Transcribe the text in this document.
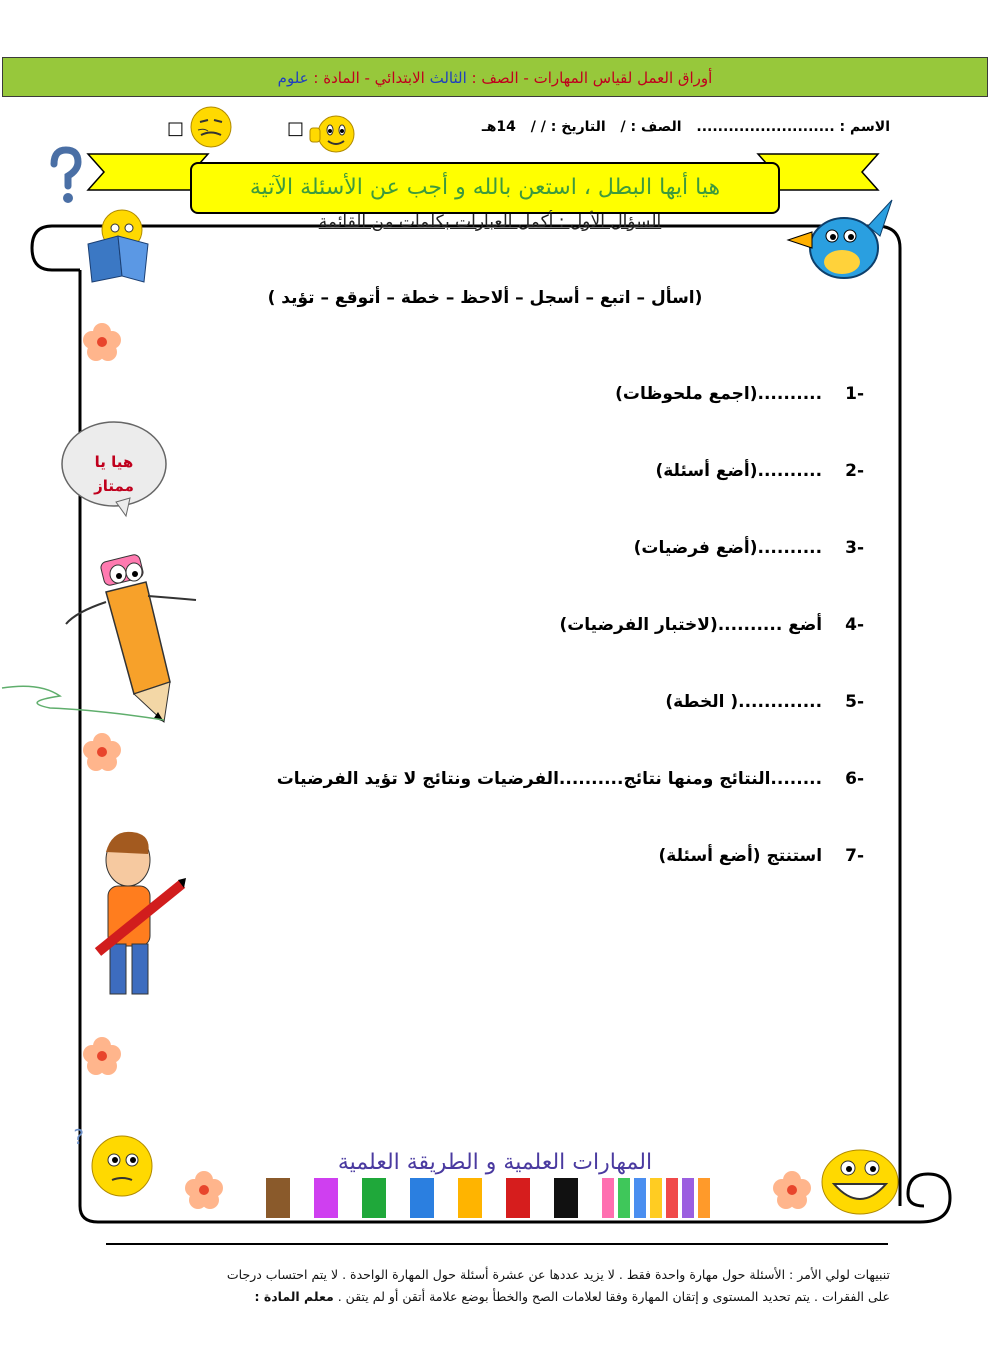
أوراق العمل لقياس المهارات - الصف : الثالث الابتدائي - المادة : علوم
الاسم : .......................... الصف : / التاريخ : / / 14هـ
□
□
هيا أيها البطل ، استعن بالله و أجب عن الأسئلة الآتية
السؤال الأول : أكمل العبارات بكلمات من القائمة
(اسأل – اتبع – أسجل – ألاحظ – خطة – أتوقع – تؤيد )
-1 ..........(اجمع ملحوظات)
-2 ..........(أضع أسئلة)
-3 ..........(أضع فرضيات)
-4 أضع ..........(لاختبار الفرضيات)
-5 .............( الخطة)
-6 ........النتائج ومنها نتائج..........الفرضيات ونتائج لا تؤيد الفرضيات
-7 استنتج (أضع أسئلة)
هيا يا
ممتاز
?
المهارات العلمية و الطريقة العلمية
تنبيهات لولي الأمر : الأسئلة حول مهارة واحدة فقط . لا يزيد عددها عن عشرة أسئلة حول المهارة الواحدة . لا يتم احتساب درجات
على الفقرات . يتم تحديد المستوى و إتقان المهارة وفقا لعلامات الصح والخطأ بوضع علامة أتقن أو لم يتقن . معلم المادة :
